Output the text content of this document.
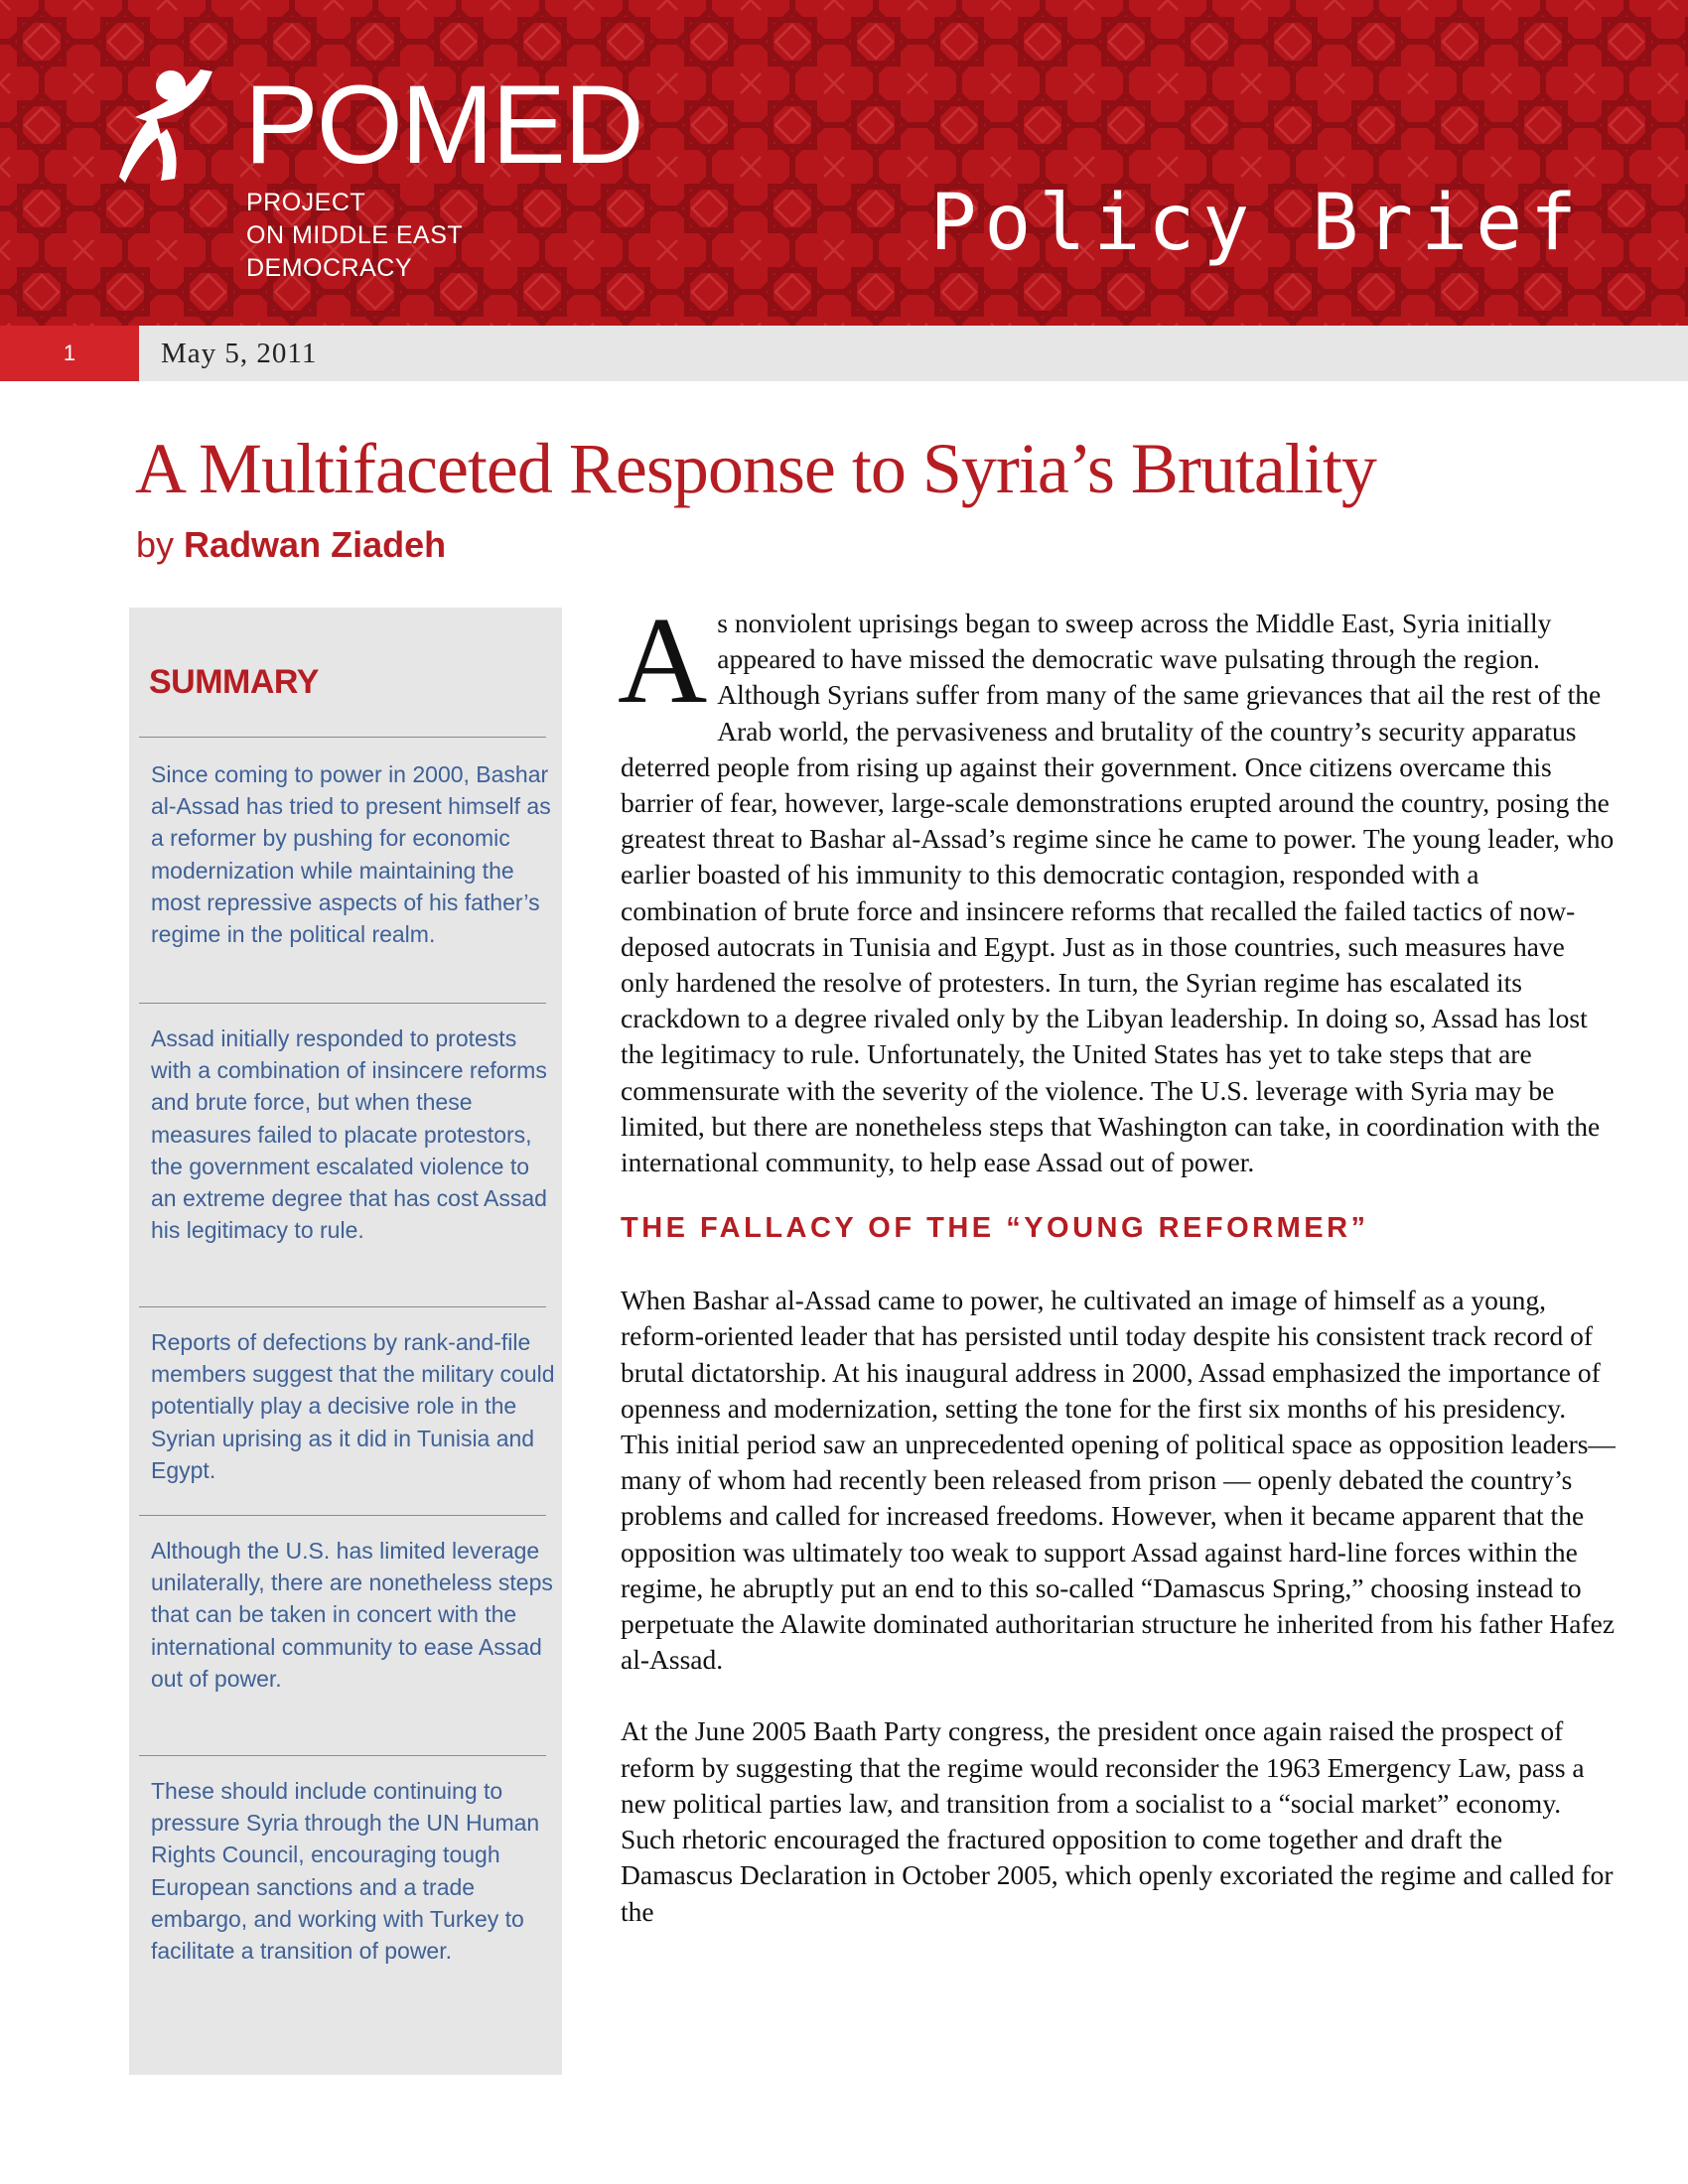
POMED
PROJECT
ON MIDDLE EAST
DEMOCRACY	Policy Brief
1	May 5, 2011
A Multifaceted Response to Syria’s Brutality
by Radwan Ziadeh
SUMMARY

Since coming to power in 2000, Bashar al-Assad has tried to present himself as a reformer by pushing for economic modernization while maintaining the most repressive aspects of his father’s regime in the political realm.

Assad initially responded to protests with a combination of insincere reforms and brute force, but when these measures failed to placate protestors, the government escalated violence to an extreme degree that has cost Assad his legitimacy to rule.

Reports of defections by rank-and-file members suggest that the military could potentially play a decisive role in the Syrian uprising as it did in Tunisia and Egypt.

Although the U.S. has limited leverage unilaterally, there are nonetheless steps that can be taken in concert with the international community to ease Assad out of power.

These should include continuing to pressure Syria through the UN Human Rights Council, encouraging tough European sanctions and a trade embargo, and working with Turkey to facilitate a transition of power.

As nonviolent uprisings began to sweep across the Middle East, Syria initially appeared to have missed the democratic wave pulsating through the region. Although Syrians suffer from many of the same grievances that ail the rest of the Arab world, the pervasiveness and brutality of the country’s security apparatus deterred people from rising up against their government. Once citizens overcame this barrier of fear, however, large-scale demonstrations erupted around the country, posing the greatest threat to Bashar al-Assad’s regime since he came to power. The young leader, who earlier boasted of his immunity to this democratic contagion, responded with a combination of brute force and insincere reforms that recalled the failed tactics of now-deposed autocrats in Tunisia and Egypt. Just as in those countries, such measures have only hardened the resolve of protesters. In turn, the Syrian regime has escalated its crackdown to a degree rivaled only by the Libyan leadership. In doing so, Assad has lost the legitimacy to rule. Unfortunately, the United States has yet to take steps that are commensurate with the severity of the violence. The U.S. leverage with Syria may be limited, but there are nonetheless steps that Washington can take, in coordination with the international community, to help ease Assad out of power.

THE FALLACY OF THE “YOUNG REFORMER”

When Bashar al-Assad came to power, he cultivated an image of himself as a young, reform-oriented leader that has persisted until today despite his consistent track record of brutal dictatorship. At his inaugural address in 2000, Assad emphasized the importance of openness and modernization, setting the tone for the first six months of his presidency. This initial period saw an unprecedented opening of political space as opposition leaders—many of whom had recently been released from prison — openly debated the country’s problems and called for increased freedoms. However, when it became apparent that the opposition was ultimately too weak to support Assad against hard-line forces within the regime, he abruptly put an end to this so-called “Damascus Spring,” choosing instead to perpetuate the Alawite dominated authoritarian structure he inherited from his father Hafez al-Assad.

At the June 2005 Baath Party congress, the president once again raised the prospect of reform by suggesting that the regime would reconsider the 1963 Emergency Law, pass a new political parties law, and transition from a socialist to a “social market” economy. Such rhetoric encouraged the fractured opposition to come together and draft the Damascus Declaration in October 2005, which openly excoriated the regime and called for the
